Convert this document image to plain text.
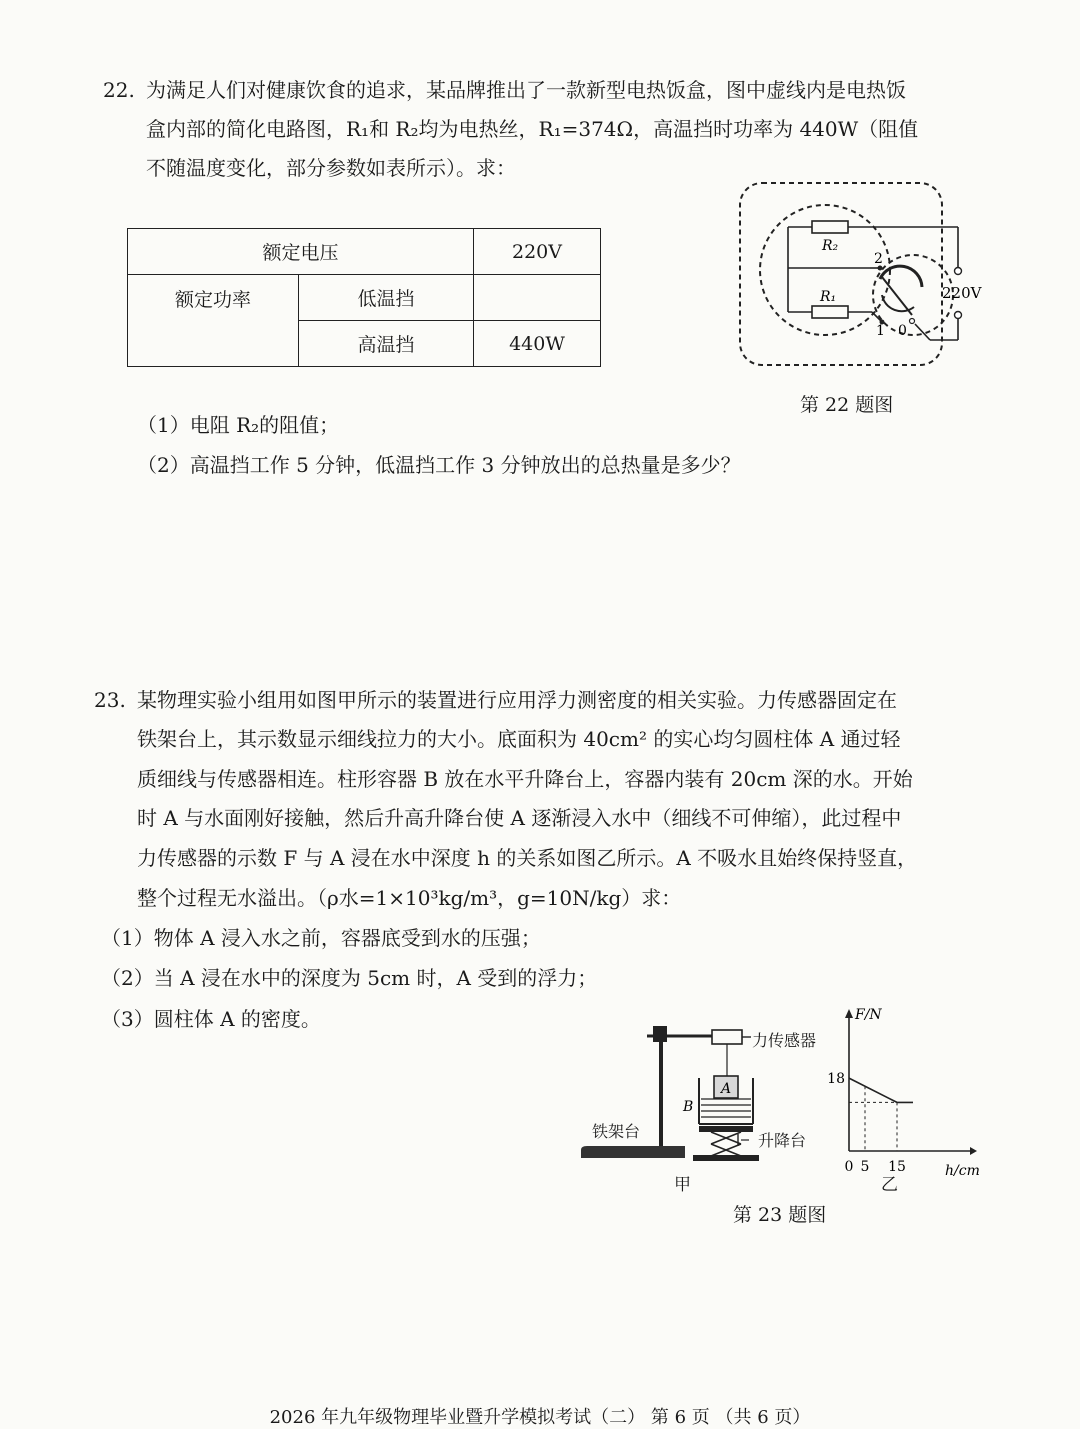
22. 为满足人们对健康饮食的追求，某品牌推出了一款新型电热饭盒，图中虚线内是电热饭
盒内部的简化电路图，R₁和 R₂均为电热丝，R₁=374Ω，高温挡时功率为 440W（阻值
不随温度变化，部分参数如表所示）。求：
额定电压		220V
额定功率	低温挡	
	高温挡	440W
R₂
R₁
2
1 0
220V
第 22 题图
（1）电阻 R₂的阻值；
（2）高温挡工作 5 分钟，低温挡工作 3 分钟放出的总热量是多少？
23. 某物理实验小组用如图甲所示的装置进行应用浮力测密度的相关实验。力传感器固定在
铁架台上，其示数显示细线拉力的大小。底面积为 40cm² 的实心均匀圆柱体 A 通过轻
质细线与传感器相连。柱形容器 B 放在水平升降台上，容器内装有 20cm 深的水。开始
时 A 与水面刚好接触，然后升高升降台使 A 逐渐浸入水中（细线不可伸缩），此过程中
力传感器的示数 F 与 A 浸在水中深度 h 的关系如图乙所示。A 不吸水且始终保持竖直，
整个过程无水溢出。（ρ水=1×10³kg/m³，g=10N/kg）求：
（1）物体 A 浸入水之前，容器底受到水的压强；
（2）当 A 浸在水中的深度为 5cm 时，A 受到的浮力；
（3）圆柱体 A 的密度。
A
B
力传感器
铁架台	升降台
甲
0 5 15
18
F/N
h/cm
乙
第 23 题图
2026 年九年级物理毕业暨升学模拟考试（二） 第 6 页 （共 6 页）
